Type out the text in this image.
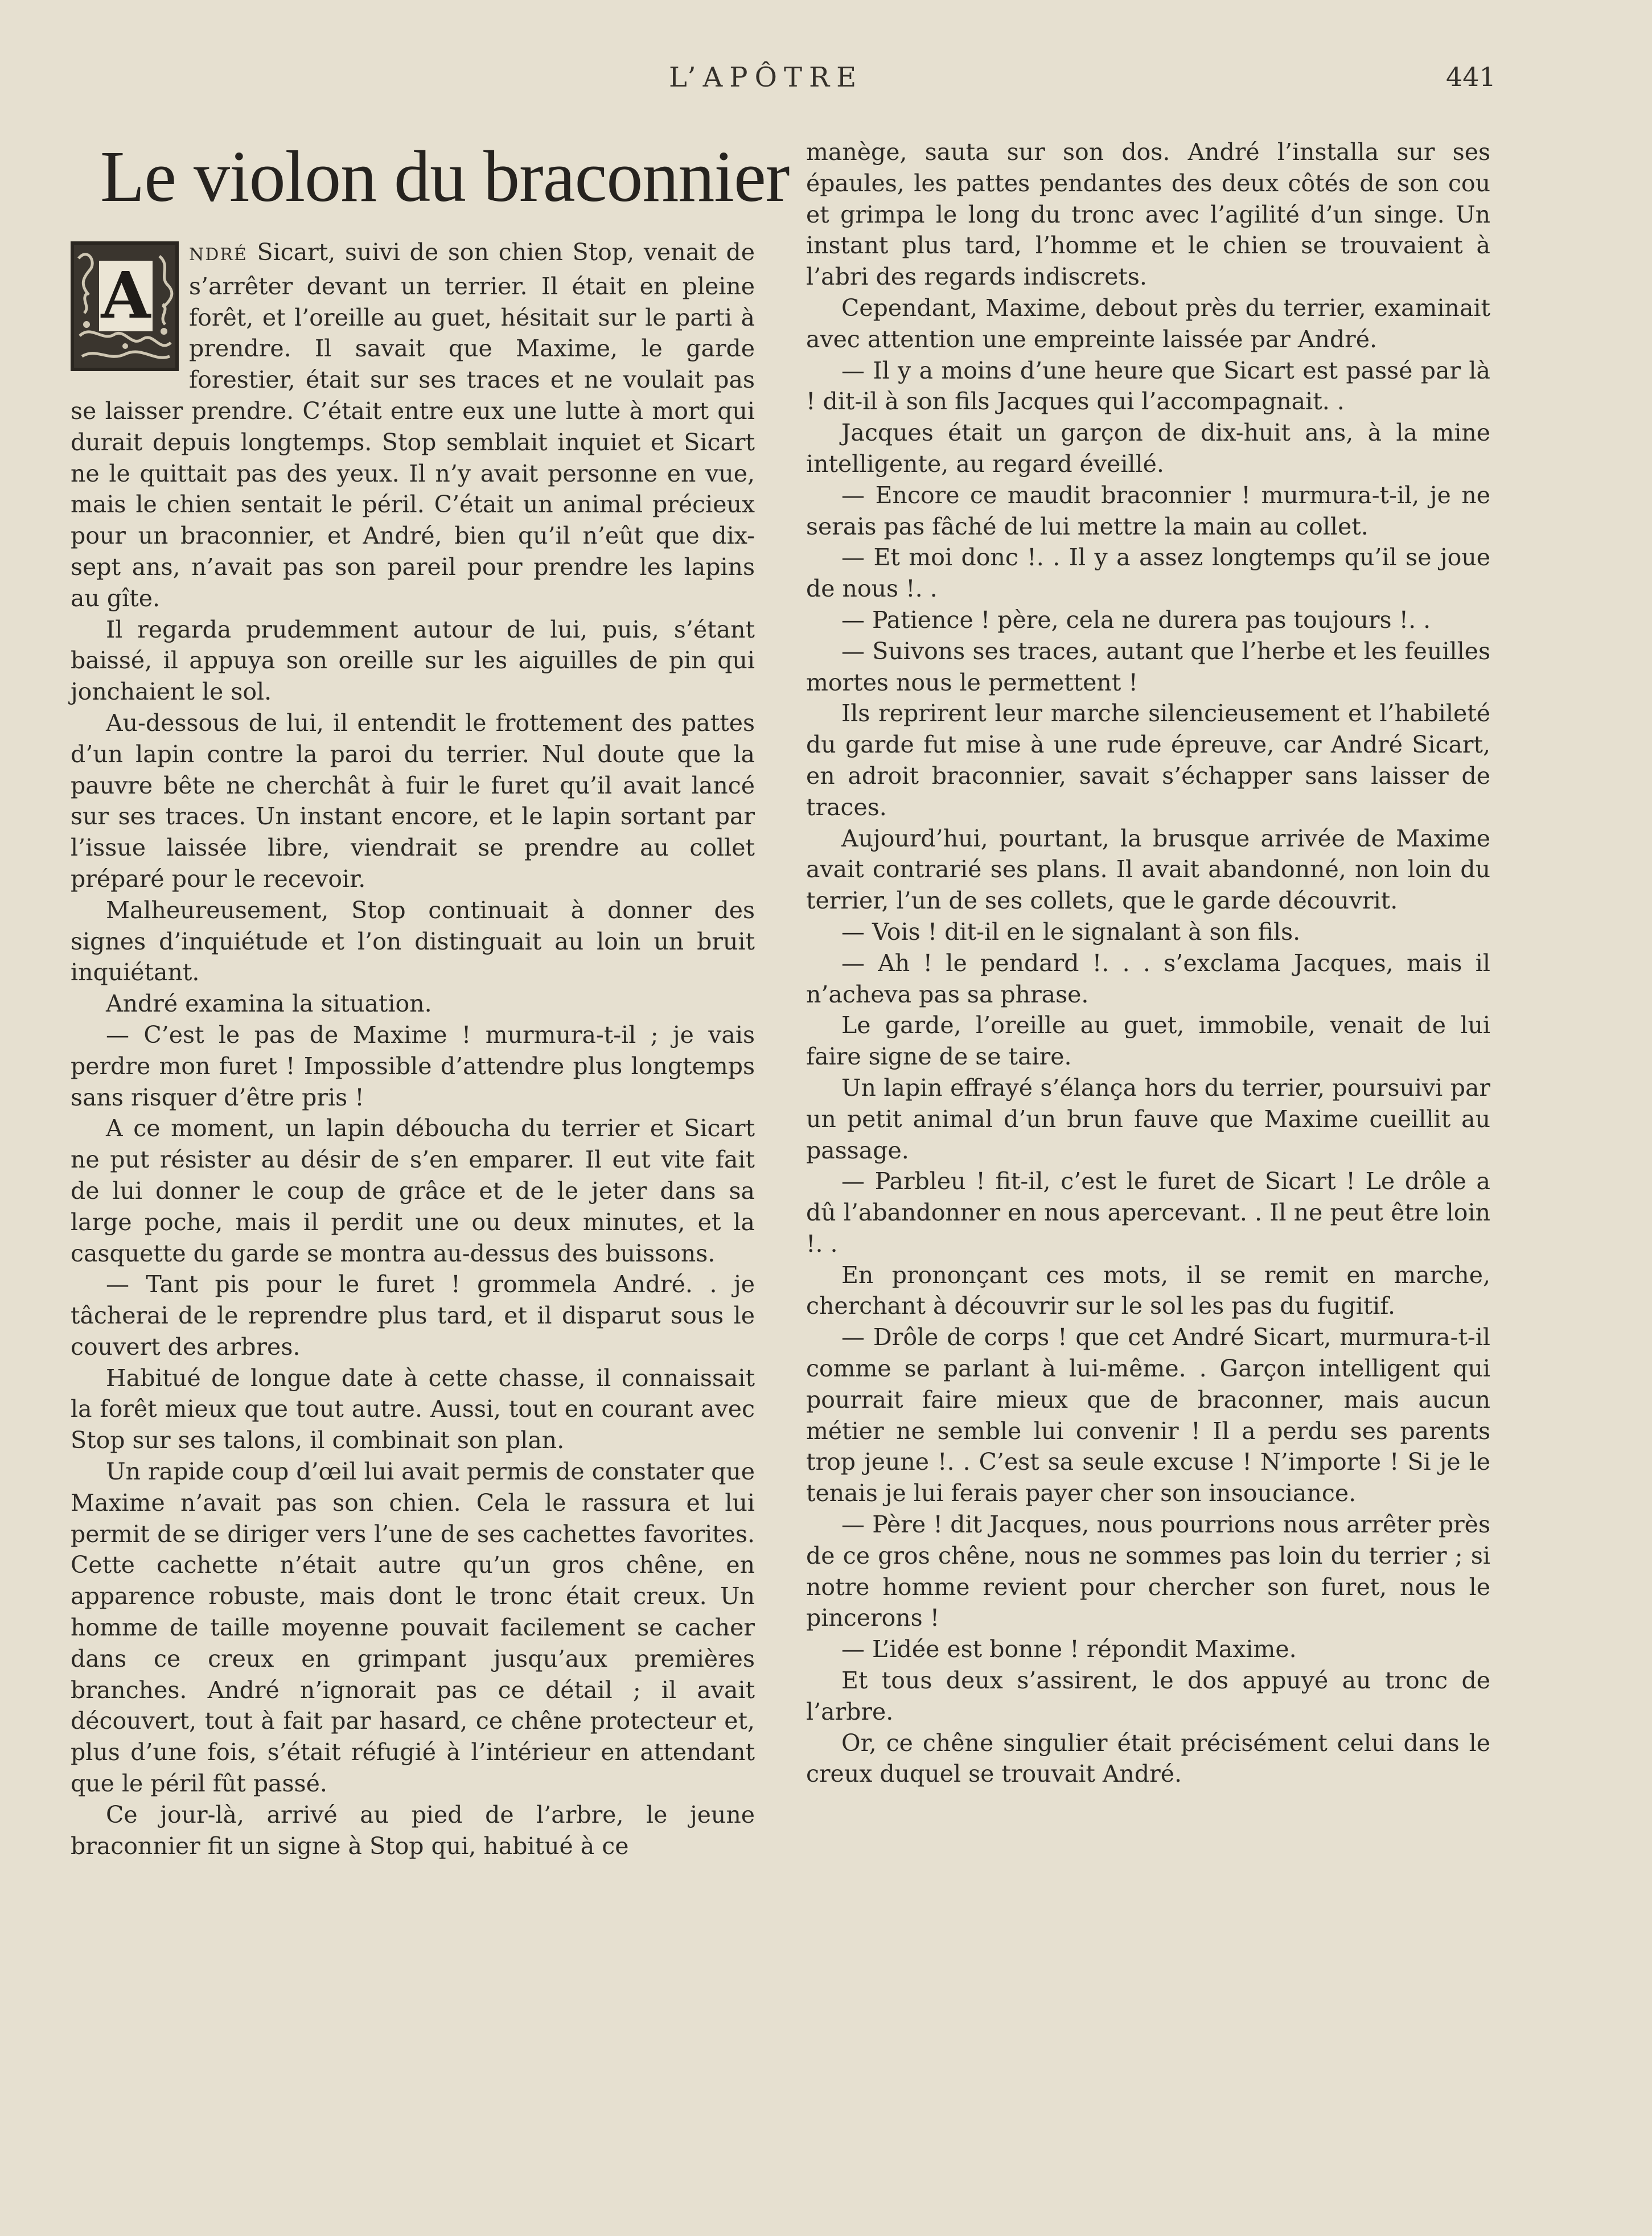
L’APÔTRE	441
Le violon du braconnier
A

NDRÉ Sicart, suivi de son chien Stop, venait de s’arrêter devant un terrier. Il était en pleine forêt, et l’oreille au guet, hésitait sur le parti à prendre. Il savait que Maxime, le garde forestier, était sur ses traces et ne voulait pas se laisser prendre. C’était entre eux une lutte à mort qui durait depuis longtemps. Stop semblait inquiet et Sicart ne le quittait pas des yeux. Il n’y avait personne en vue, mais le chien sentait le péril. C’était un animal précieux pour un braconnier, et André, bien qu’il n’eût que dix-sept ans, n’avait pas son pareil pour prendre les lapins au gîte.

Il regarda prudemment autour de lui, puis, s’étant baissé, il appuya son oreille sur les aiguilles de pin qui jonchaient le sol.

Au-dessous de lui, il entendit le frottement des pattes d’un lapin contre la paroi du terrier. Nul doute que la pauvre bête ne cherchât à fuir le furet qu’il avait lancé sur ses traces. Un instant encore, et le lapin sortant par l’issue laissée libre, viendrait se prendre au collet préparé pour le recevoir.

Malheureusement, Stop continuait à donner des signes d’inquiétude et l’on distinguait au loin un bruit inquiétant.

André examina la situation.

— C’est le pas de Maxime ! murmura-t-il ; je vais perdre mon furet ! Impossible d’attendre plus longtemps sans risquer d’être pris !

A ce moment, un lapin déboucha du terrier et Sicart ne put résister au désir de s’en emparer. Il eut vite fait de lui donner le coup de grâce et de le jeter dans sa large poche, mais il perdit une ou deux minutes, et la casquette du garde se montra au-dessus des buissons.

— Tant pis pour le furet ! grommela André. . je tâcherai de le reprendre plus tard, et il disparut sous le couvert des arbres.

Habitué de longue date à cette chasse, il connaissait la forêt mieux que tout autre. Aussi, tout en courant avec Stop sur ses talons, il combinait son plan.

Un rapide coup d’œil lui avait permis de constater que Maxime n’avait pas son chien. Cela le rassura et lui permit de se diriger vers l’une de ses cachettes favorites. Cette cachette n’était autre qu’un gros chêne, en apparence robuste, mais dont le tronc était creux. Un homme de taille moyenne pouvait facilement se cacher dans ce creux en grimpant jusqu’aux premières branches. André n’ignorait pas ce détail ; il avait découvert, tout à fait par hasard, ce chêne protecteur et, plus d’une fois, s’était réfugié à l’intérieur en attendant que le péril fût passé.

Ce jour-là, arrivé au pied de l’arbre, le jeune braconnier fit un signe à Stop qui, habitué à ce

manège, sauta sur son dos. André l’installa sur ses épaules, les pattes pendantes des deux côtés de son cou et grimpa le long du tronc avec l’agilité d’un singe. Un instant plus tard, l’homme et le chien se trouvaient à l’abri des regards indiscrets.

Cependant, Maxime, debout près du terrier, examinait avec attention une empreinte laissée par André.

— Il y a moins d’une heure que Sicart est passé par là ! dit-il à son fils Jacques qui l’accompagnait. .

Jacques était un garçon de dix-huit ans, à la mine intelligente, au regard éveillé.

— Encore ce maudit braconnier ! murmura-t-il, je ne serais pas fâché de lui mettre la main au collet.

— Et moi donc !. . Il y a assez longtemps qu’il se joue de nous !. .

— Patience ! père, cela ne durera pas toujours !. .

— Suivons ses traces, autant que l’herbe et les feuilles mortes nous le permettent !

Ils reprirent leur marche silencieusement et l’habileté du garde fut mise à une rude épreuve, car André Sicart, en adroit braconnier, savait s’échapper sans laisser de traces.

Aujourd’hui, pourtant, la brusque arrivée de Maxime avait contrarié ses plans. Il avait abandonné, non loin du terrier, l’un de ses collets, que le garde découvrit.

— Vois ! dit-il en le signalant à son fils.

— Ah ! le pendard !. . . s’exclama Jacques, mais il n’acheva pas sa phrase.

Le garde, l’oreille au guet, immobile, venait de lui faire signe de se taire.

Un lapin effrayé s’élança hors du terrier, poursuivi par un petit animal d’un brun fauve que Maxime cueillit au passage.

— Parbleu ! fit-il, c’est le furet de Sicart ! Le drôle a dû l’abandonner en nous apercevant. . Il ne peut être loin !. .

En prononçant ces mots, il se remit en marche, cherchant à découvrir sur le sol les pas du fugitif.

— Drôle de corps ! que cet André Sicart, murmura-t-il comme se parlant à lui-même. . Garçon intelligent qui pourrait faire mieux que de braconner, mais aucun métier ne semble lui convenir ! Il a perdu ses parents trop jeune !. . C’est sa seule excuse ! N’importe ! Si je le tenais je lui ferais payer cher son insouciance.

— Père ! dit Jacques, nous pourrions nous arrêter près de ce gros chêne, nous ne sommes pas loin du terrier ; si notre homme revient pour chercher son furet, nous le pincerons !

— L’idée est bonne ! répondit Maxime.

Et tous deux s’assirent, le dos appuyé au tronc de l’arbre.

Or, ce chêne singulier était précisément celui dans le creux duquel se trouvait André.
